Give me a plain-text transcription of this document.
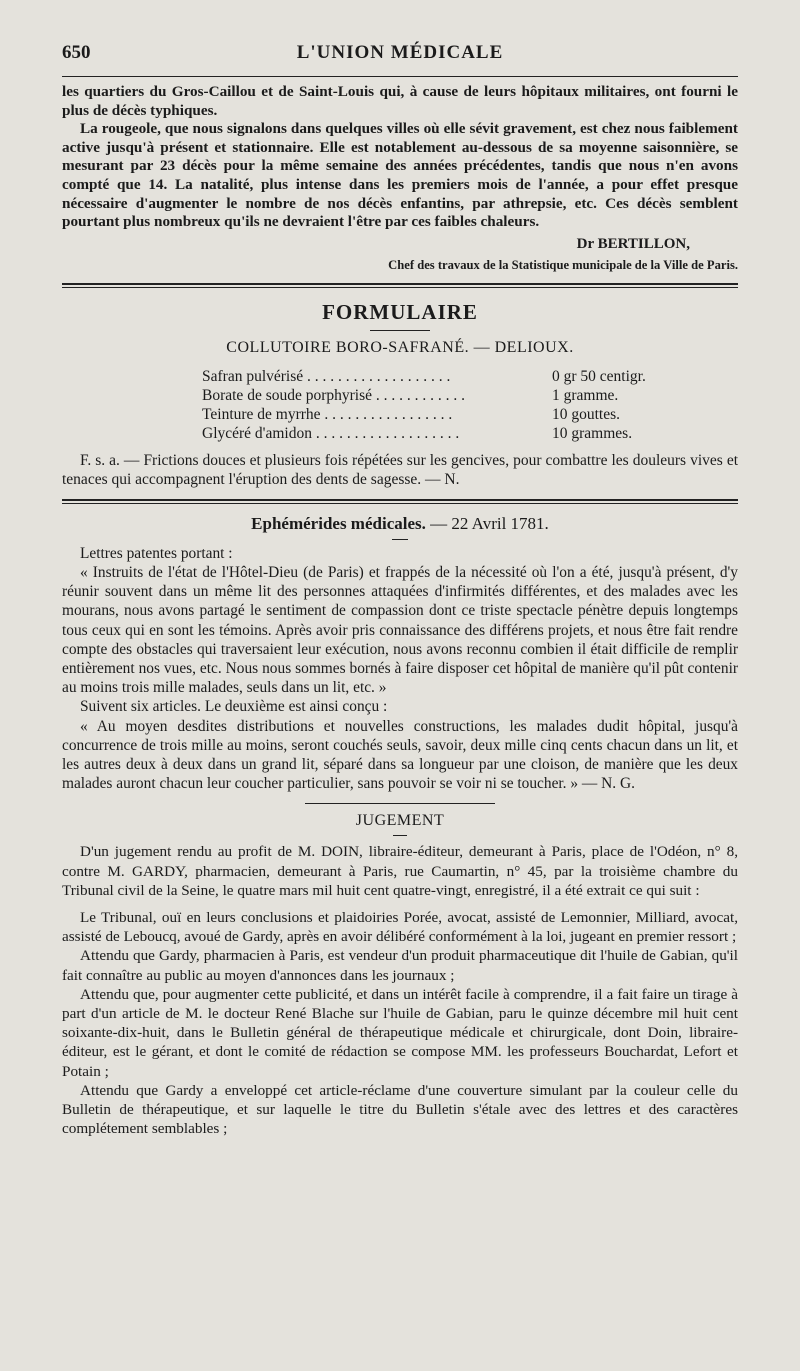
650	L'UNION MÉDICALE

les quartiers du Gros-Caillou et de Saint-Louis qui, à cause de leurs hôpitaux militaires, ont fourni le plus de décès typhiques.

La rougeole, que nous signalons dans quelques villes où elle sévit gravement, est chez nous faiblement active jusqu'à présent et stationnaire. Elle est notablement au-dessous de sa moyenne saisonnière, se mesurant par 23 décès pour la même semaine des années précédentes, tandis que nous n'en avons compté que 14. La natalité, plus intense dans les premiers mois de l'année, a pour effet presque nécessaire d'augmenter le nombre de nos décès enfantins, par athrepsie, etc. Ces décès semblent pourtant plus nombreux qu'ils ne devraient l'être par ces faibles chaleurs.

Dr BERTILLON,
Chef des travaux de la Statistique municipale de la Ville de Paris.
FORMULAIRE
COLLUTOIRE BORO-SAFRANÉ. — DELIOUX.
Safran pulvérisé . . . . . . . . . . . . . . . . . . .	0 gr 50 centigr.
Borate de soude porphyrisé . . . . . . . . . . . .	1 gramme.
Teinture de myrrhe . . . . . . . . . . . . . . . . .	10 gouttes.
Glycéré d'amidon . . . . . . . . . . . . . . . . . . .	10 grammes.

F. s. a. — Frictions douces et plusieurs fois répétées sur les gencives, pour combattre les douleurs vives et tenaces qui accompagnent l'éruption des dents de sagesse. — N.

Ephémérides médicales. — 22 Avril 1781.

Lettres patentes portant :

« Instruits de l'état de l'Hôtel-Dieu (de Paris) et frappés de la nécessité où l'on a été, jusqu'à présent, d'y réunir souvent dans un même lit des personnes attaquées d'infirmités différentes, et des malades avec les mourans, nous avons partagé le sentiment de compassion dont ce triste spectacle pénètre depuis longtemps tous ceux qui en sont les témoins. Après avoir pris connaissance des différens projets, et nous être fait rendre compte des obstacles qui traversaient leur exécution, nous avons reconnu combien il était difficile de remplir entièrement nos vues, etc. Nous nous sommes bornés à faire disposer cet hôpital de manière qu'il pût contenir au moins trois mille malades, seuls dans un lit, etc. »

Suivent six articles. Le deuxième est ainsi conçu :

« Au moyen desdites distributions et nouvelles constructions, les malades dudit hôpital, jusqu'à concurrence de trois mille au moins, seront couchés seuls, savoir, deux mille cinq cents chacun dans un lit, et les autres deux à deux dans un grand lit, séparé dans sa longueur par une cloison, de manière que les deux malades auront chacun leur coucher particulier, sans pouvoir se voir ni se toucher. » — N. G.

JUGEMENT

D'un jugement rendu au profit de M. DOIN, libraire-éditeur, demeurant à Paris, place de l'Odéon, n° 8, contre M. GARDY, pharmacien, demeurant à Paris, rue Caumartin, n° 45, par la troisième chambre du Tribunal civil de la Seine, le quatre mars mil huit cent quatre-vingt, enregistré, il a été extrait ce qui suit :

Le Tribunal, ouï en leurs conclusions et plaidoiries Porée, avocat, assisté de Lemonnier, Milliard, avocat, assisté de Leboucq, avoué de Gardy, après en avoir délibéré conformément à la loi, jugeant en premier ressort ;

Attendu que Gardy, pharmacien à Paris, est vendeur d'un produit pharmaceutique dit l'huile de Gabian, qu'il fait connaître au public au moyen d'annonces dans les journaux ;

Attendu que, pour augmenter cette publicité, et dans un intérêt facile à comprendre, il a fait faire un tirage à part d'un article de M. le docteur René Blache sur l'huile de Gabian, paru le quinze décembre mil huit cent soixante-dix-huit, dans le Bulletin général de thérapeutique médicale et chirurgicale, dont Doin, libraire-éditeur, est le gérant, et dont le comité de rédaction se compose MM. les professeurs Bouchardat, Lefort et Potain ;

Attendu que Gardy a enveloppé cet article-réclame d'une couverture simulant par la couleur celle du Bulletin de thérapeutique, et sur laquelle le titre du Bulletin s'étale avec des lettres et des caractères complétement semblables ;
